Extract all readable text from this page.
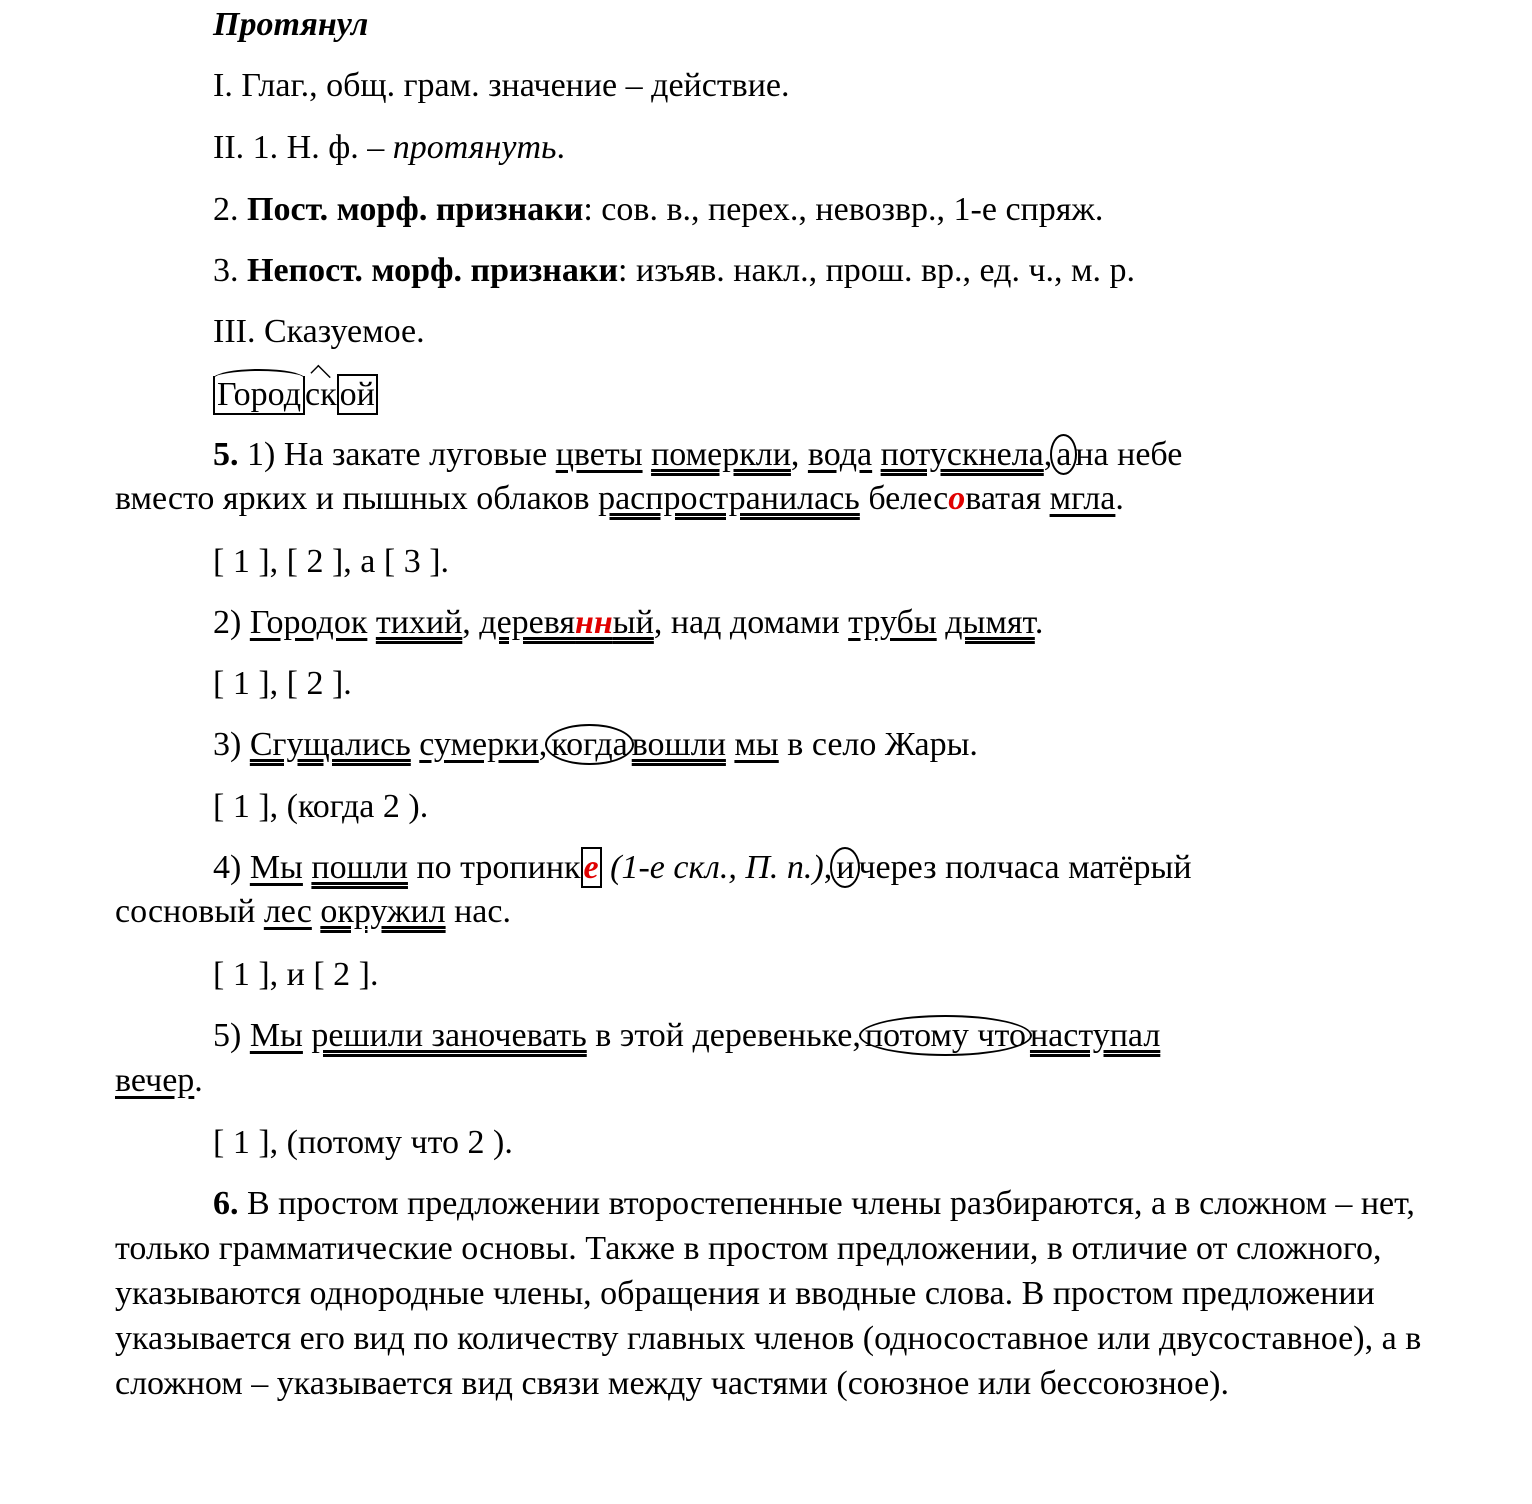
Протянул
I. Глаг., общ. грам. значение – действие.
II. 1. Н. ф. – протянуть.
2. Пост. морф. признаки: сов. в., перех., невозвр., 1-е спряж.
3. Непост. морф. признаки: изъяв. накл., прош. вр., ед. ч., м. р.
III. Сказуемое.
Город ской
5. 1) На закате луговые цветы померкли, вода потускнела, а на небе
вместо ярких и пышных облаков распространилась белесоватая мгла.
[ 1 ], [ 2 ], а [ 3 ].
2) Городок тихий, деревянный, над домами трубы дымят.
[ 1 ], [ 2 ].
3) Сгущались сумерки, когда вошли мы в село Жары.
[ 1 ], (когда 2 ).
4) Мы пошли по тропинке (1-е скл., П. п.), и через полчаса матёрый
сосновый лес окружил нас.
[ 1 ], и [ 2 ].
5) Мы решили заночевать в этой деревеньке, потому что наступал
вечер.
[ 1 ], (потому что 2 ).
6. В простом предложении второстепенные члены разбираются, а в сложном – нет, только грамматические основы. Также в простом предложении, в отличие от сложного, указываются однородные члены, обращения и вводные слова. В простом предложении указывается его вид по количеству главных членов (односоставное или двусоставное), а в сложном – указывается вид связи между частями (союзное или бессоюзное).
